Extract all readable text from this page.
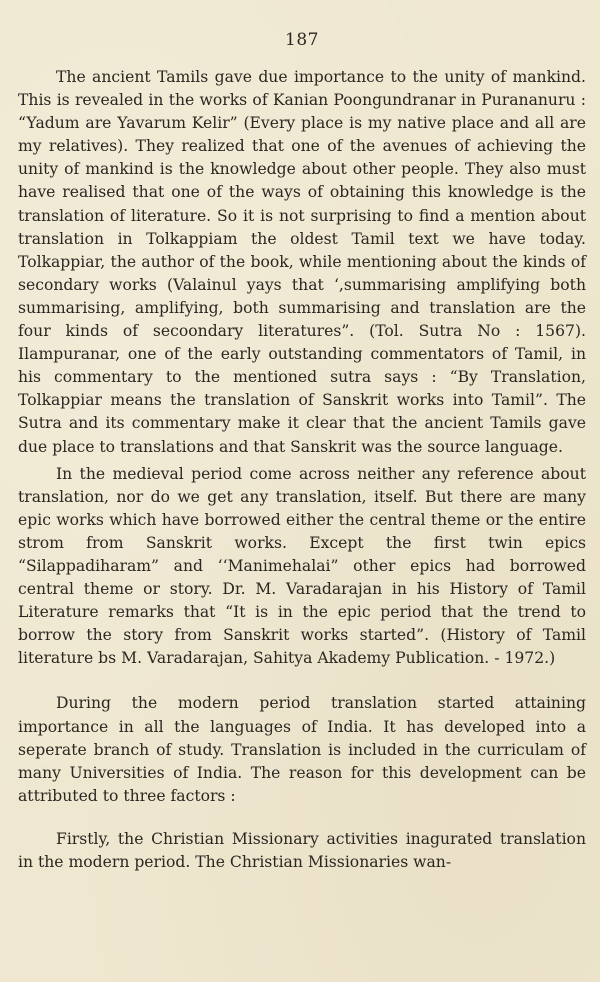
187

The ancient Tamils gave due importance to the unity of mankind. This is revealed in the works of Kanian Poongundranar in Purananuru : “Yadum are Yavarum Kelir” (Every place is my native place and all are my relatives). They realized that one of the avenues of achieving the unity of mankind is the knowledge about other people. They also must have realised that one of the ways of obtaining this knowledge is the translation of literature. So it is not surprising to find a mention about translation in Tolkappiam the oldest Tamil text we have today. Tolkappiar, the author of the book, while mentioning about the kinds of secondary works (Valainul yays that ‘,summarising amplifying both summarising, amplifying, both summarising and translation are the four kinds of secoondary literatures”. (Tol. Sutra No : 1567). Ilampuranar, one of the early outstanding commentators of Tamil, in his commentary to the mentioned sutra says : “By Translation, Tolkappiar means the translation of Sanskrit works into Tamil”. The Sutra and its commentary make it clear that the ancient Tamils gave due place to translations and that Sanskrit was the source language.

In the medieval period come across neither any reference about translation, nor do we get any translation, itself. But there are many epic works which have borrowed either the central theme or the entire strom from Sanskrit works. Except the first twin epics “Silappadiharam” and ‘‘Manimehalai” other epics had borrowed central theme or story. Dr. M. Varadarajan in his History of Tamil Literature remarks that “It is in the epic period that the trend to borrow the story from Sanskrit works started”. (History of Tamil literature bs M. Varadarajan, Sahitya Akademy Publication. - 1972.)

During the modern period translation started attaining importance in all the languages of India. It has developed into a seperate branch of study. Translation is included in the curriculam of many Universities of India. The reason for this development can be attributed to three factors :

Firstly, the Christian Missionary activities inagurated translation in the modern period. The Christian Missionaries wan-
